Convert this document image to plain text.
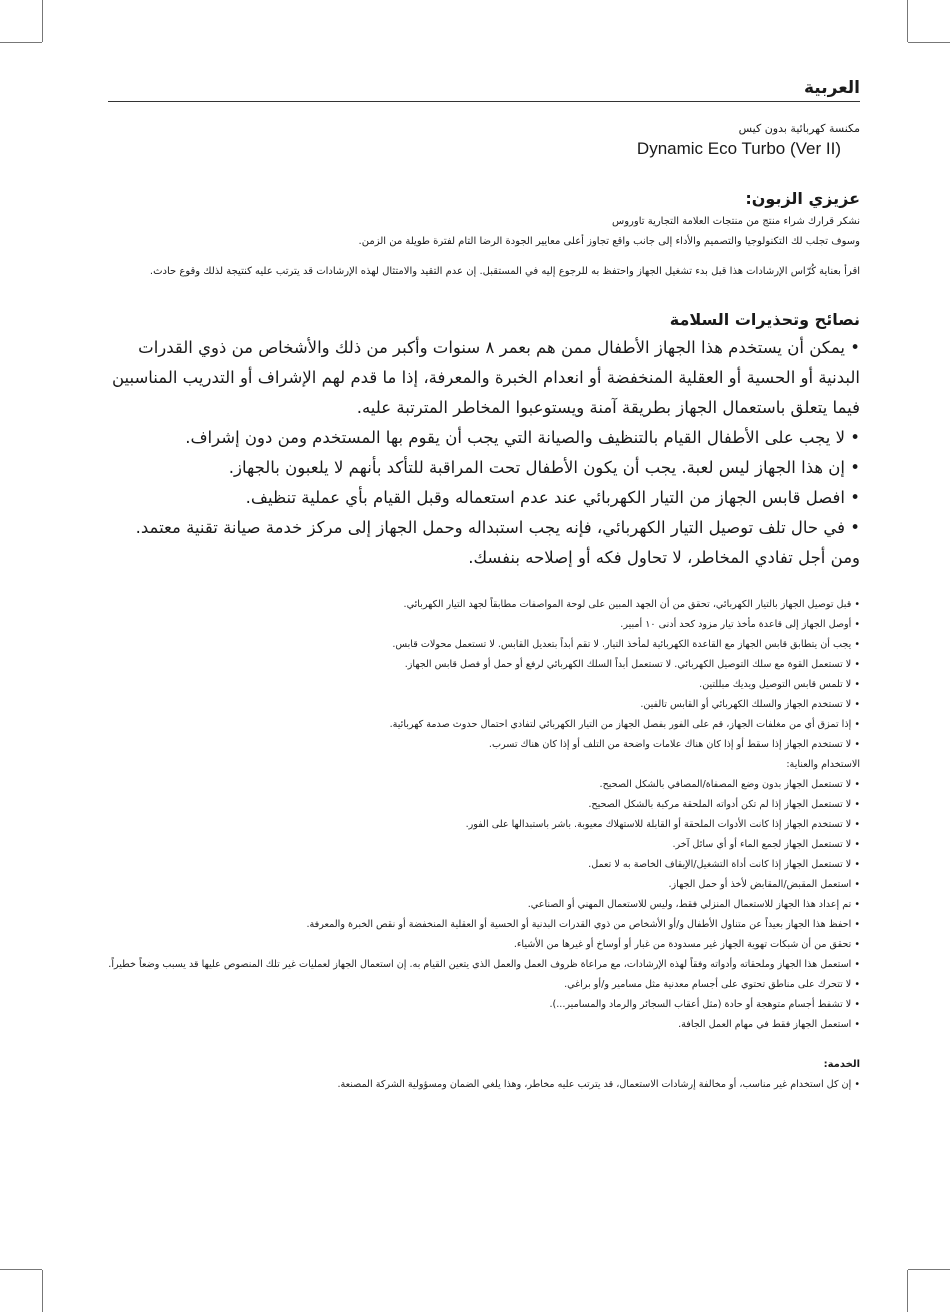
العربية
مكنسة كهربائية بدون كيس
Dynamic Eco Turbo (Ver II)
عزيزي الزبون:

نشكر قرارك شراء منتج من منتجات العلامة التجارية تاوروس

وسوف تجلب لك التكنولوجيا والتصميم والأداء إلى جانب واقع تجاوز أعلى معايير الجودة الرضا التام لفترة طويلة من الزمن.

اقرأ بعناية كُرّاس الإرشادات هذا قبل بدء تشغيل الجهاز واحتفظ به للرجوع إليه في المستقبل. إن عدم التقيد والامتثال لهذه الإرشادات قد يترتب عليه كنتيجة لذلك وقوع حادث.

نصائح وتحذيرات السلامة
• يمكن أن يستخدم هذا الجهاز الأطفال ممن هم بعمر ٨ سنوات وأكبر من ذلك والأشخاص من ذوي القدرات البدنية أو الحسية أو العقلية المنخفضة أو انعدام الخبرة والمعرفة، إذا ما قدم لهم الإشراف أو التدريب المناسبين فيما يتعلق باستعمال الجهاز بطريقة آمنة ويستوعبوا المخاطر المترتبة عليه.
• لا يجب على الأطفال القيام بالتنظيف والصيانة التي يجب أن يقوم بها المستخدم ومن دون إشراف.
• إن هذا الجهاز ليس لعبة. يجب أن يكون الأطفال تحت المراقبة للتأكد بأنهم لا يلعبون بالجهاز.
• افصل قابس الجهاز من التيار الكهربائي عند عدم استعماله وقبل القيام بأي عملية تنظيف.
• في حال تلف توصيل التيار الكهربائي، فإنه يجب استبداله وحمل الجهاز إلى مركز خدمة صيانة تقنية معتمد. ومن أجل تفادي المخاطر، لا تحاول فكه أو إصلاحه بنفسك.
• قبل توصيل الجهاز بالتيار الكهربائي، تحقق من أن الجهد المبين على لوحة المواصفات مطابقاً لجهد التيار الكهربائي.
• أوصل الجهاز إلى قاعدة مأخذ تيار مزود كحد أدنى ١٠ أمبير.
• يجب أن يتطابق قابس الجهاز مع القاعدة الكهربائية لمأخذ التيار. لا تقم أبداً بتعديل القابس. لا تستعمل محولات قابس.
• لا تستعمل القوة مع سلك التوصيل الكهربائي. لا تستعمل أبداً السلك الكهربائي لرفع أو حمل أو فصل قابس الجهاز.
• لا تلمس قابس التوصيل ويديك مبللتين.
• لا تستخدم الجهاز والسلك الكهربائي أو القابس تالفين.
• إذا تمزق أي من مغلفات الجهاز، قم على الفور بفصل الجهاز من التيار الكهربائي لتفادي احتمال حدوث صدمة كهربائية.
• لا تستخدم الجهاز إذا سقط أو إذا كان هناك علامات واضحة من التلف أو إذا كان هناك تسرب.
الاستخدام والعناية:
• لا تستعمل الجهاز بدون وضع المصفاة/المصافي بالشكل الصحيح.
• لا تستعمل الجهاز إذا لم تكن أدواته الملحقة مركبة بالشكل الصحيح.
• لا تستخدم الجهاز إذا كانت الأدوات الملحقة أو القابلة للاستهلاك معيوبة. باشر باستبدالها على الفور.
• لا تستعمل الجهاز لجمع الماء أو أي سائل آخر.
• لا تستعمل الجهاز إذا كانت أداة التشغيل/الإيقاف الخاصة به لا تعمل.
• استعمل المقبض/المقابض لأخذ أو حمل الجهاز.
• تم إعداد هذا الجهاز للاستعمال المنزلي فقط، وليس للاستعمال المهني أو الصناعي.
• احفظ هذا الجهاز بعيداً عن متناول الأطفال و/أو الأشخاص من ذوي القدرات البدنية أو الحسية أو العقلية المنخفضة أو نقص الخبرة والمعرفة.
• تحقق من أن شبكات تهوية الجهاز غير مسدودة من غبار أو أوساخ أو غيرها من الأشياء.
• استعمل هذا الجهاز وملحقاته وأدواته وفقاً لهذه الإرشادات، مع مراعاة ظروف العمل والعمل الذي يتعين القيام به. إن استعمال الجهاز لعمليات غير تلك المنصوص عليها قد يسبب وضعاً خطيراً.
• لا تتحرك على مناطق تحتوي على أجسام معدنية مثل مسامير و/أو براغي.
• لا تشفط أجسام متوهجة أو حادة (مثل أعقاب السجائر والرماد والمسامير...).
• استعمل الجهاز فقط في مهام العمل الجافة.
الخدمة:
• إن كل استخدام غير مناسب، أو مخالفة إرشادات الاستعمال، قد يترتب عليه مخاطر، وهذا يلغي الضمان ومسؤولية الشركة المصنعة.
